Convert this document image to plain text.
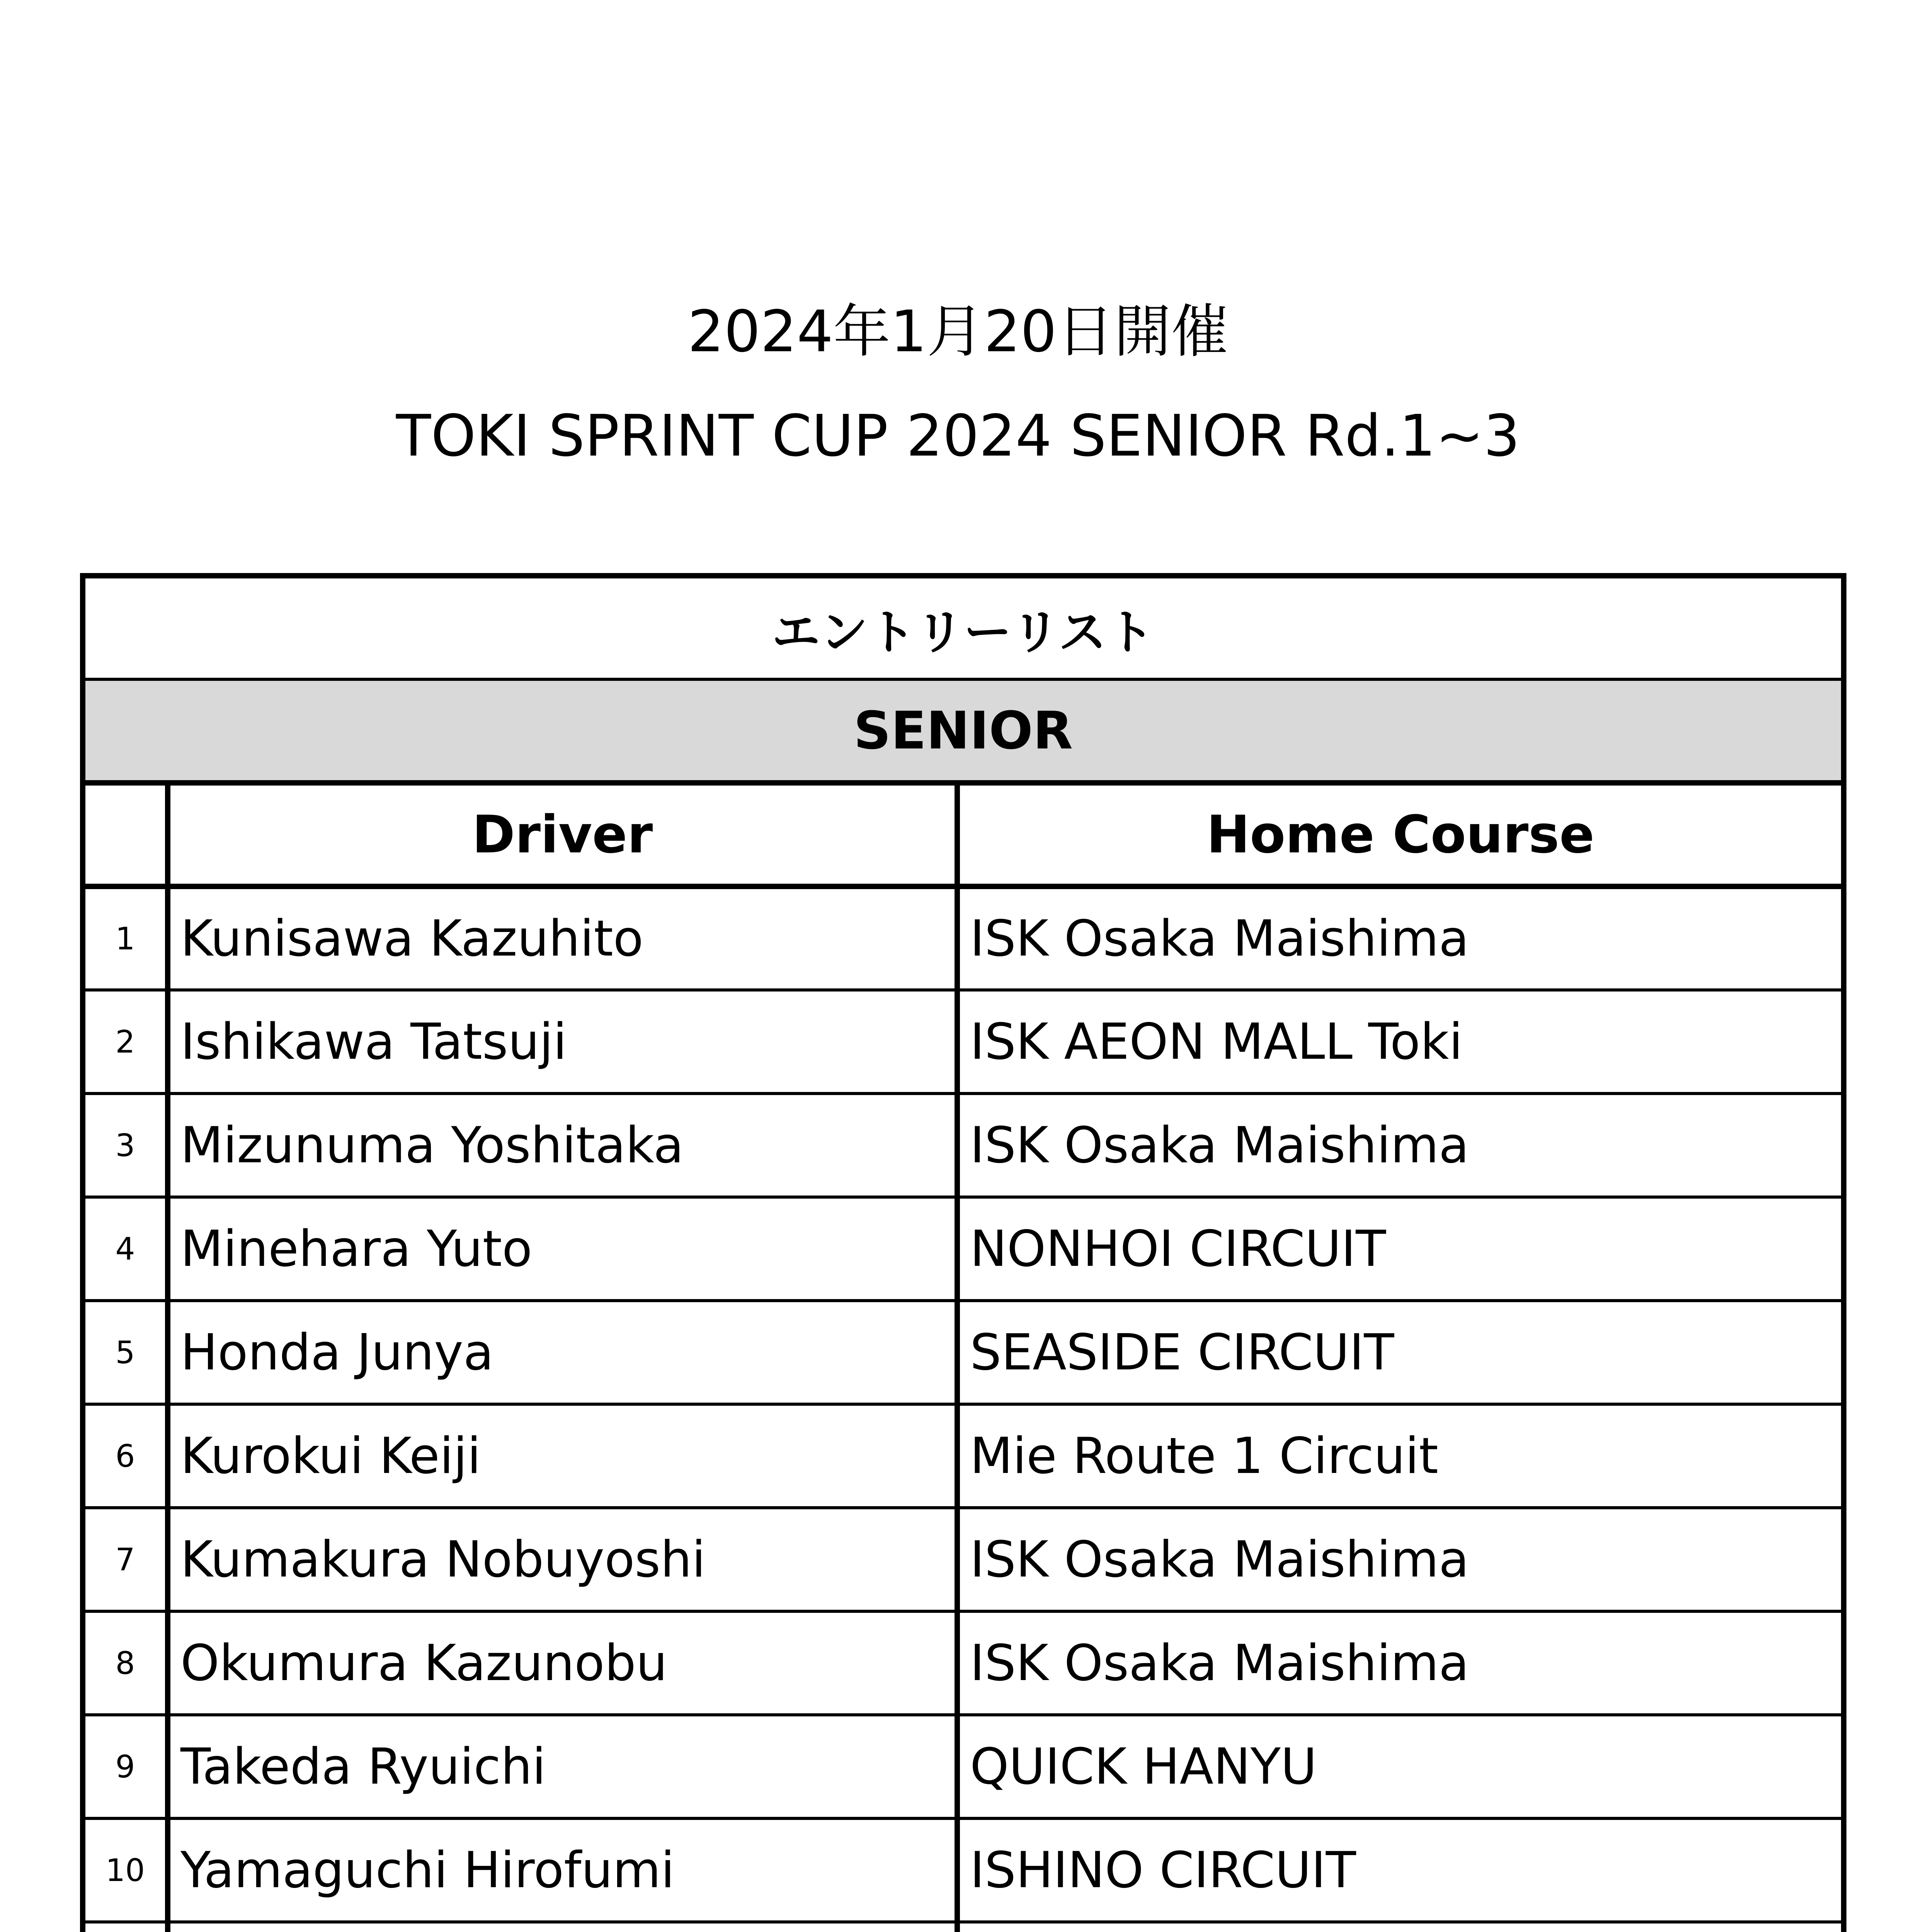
2024年1月20日開催
TOKI SPRINT CUP 2024 SENIOR Rd.1~3
エントリーリスト		
SENIOR		
	Driver	Home Course
1	Kunisawa Kazuhito	ISK Osaka Maishima
2	Ishikawa Tatsuji	ISK AEON MALL Toki
3	Mizunuma Yoshitaka	ISK Osaka Maishima
4	Minehara Yuto	NONHOI CIRCUIT
5	Honda Junya	SEASIDE CIRCUIT
6	Kurokui Keiji	Mie Route 1 Circuit
7	Kumakura Nobuyoshi	ISK Osaka Maishima
8	Okumura Kazunobu	ISK Osaka Maishima
9	Takeda Ryuichi	QUICK HANYU
10	Yamaguchi Hirofumi	ISHINO CIRCUIT
